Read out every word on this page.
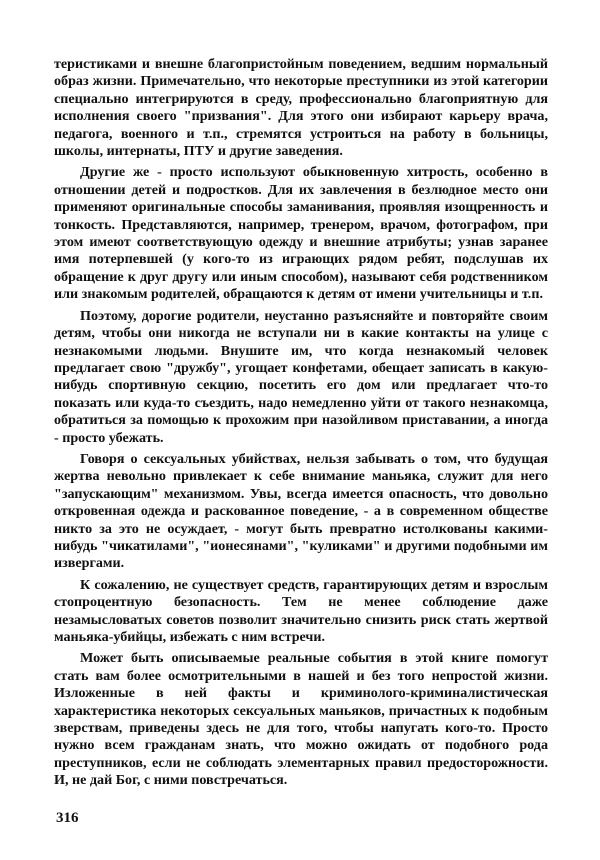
теристиками и внешне благопристойным поведением, ведшим нормальный образ жизни. Примечательно, что некоторые преступники из этой категории специально интегрируются в среду, профессионально благоприятную для исполнения своего "призвания". Для этого они избирают карьеру врача, педагога, военного и т.п., стремятся устроиться на работу в больницы, школы, интернаты, ПТУ и другие заведения.

Другие же - просто используют обыкновенную хитрость, особенно в отношении детей и подростков. Для их завлечения в безлюдное место они применяют оригинальные способы заманивания, проявляя изощренность и тонкость. Представляются, например, тренером, врачом, фотографом, при этом имеют соответствующую одежду и внешние атрибуты; узнав заранее имя потерпевшей (у кого-то из играющих рядом ребят, подслушав их обращение к друг другу или иным способом), называют себя родственником или знакомым родителей, обращаются к детям от имени учительницы и т.п.

Поэтому, дорогие родители, неустанно разъясняйте и повторяйте своим детям, чтобы они никогда не вступали ни в какие контакты на улице с незнакомыми людьми. Внушите им, что когда незнакомый человек предлагает свою "дружбу", угощает конфетами, обещает записать в какую-нибудь спортивную секцию, посетить его дом или предлагает что-то показать или куда-то съездить, надо немедленно уйти от такого незнакомца, обратиться за помощью к прохожим при назойливом приставании, а иногда - просто убежать.

Говоря о сексуальных убийствах, нельзя забывать о том, что будущая жертва невольно привлекает к себе внимание маньяка, служит для него "запускающим" механизмом. Увы, всегда имеется опасность, что довольно откровенная одежда и раскованное поведение, - а в современном обществе никто за это не осуждает, - могут быть превратно истолкованы какими-нибудь "чикатилами", "ионесянами", "куликами" и другими подобными им извергами.

К сожалению, не существует средств, гарантирующих детям и взрослым стопроцентную безопасность. Тем не менее соблюдение даже незамысловатых советов позволит значительно снизить риск стать жертвой маньяка-убийцы, избежать с ним встречи.

Может быть описываемые реальные события в этой книге помогут стать вам более осмотрительными в нашей и без того непростой жизни. Изложенные в ней факты и криминолого-криминалистическая характеристика некоторых сексуальных маньяков, причастных к подобным зверствам, приведены здесь не для того, чтобы напугать кого-то. Просто нужно всем гражданам знать, что можно ожидать от подобного рода преступников, если не соблюдать элементарных правил предосторожности. И, не дай Бог, с ними повстречаться.

316
